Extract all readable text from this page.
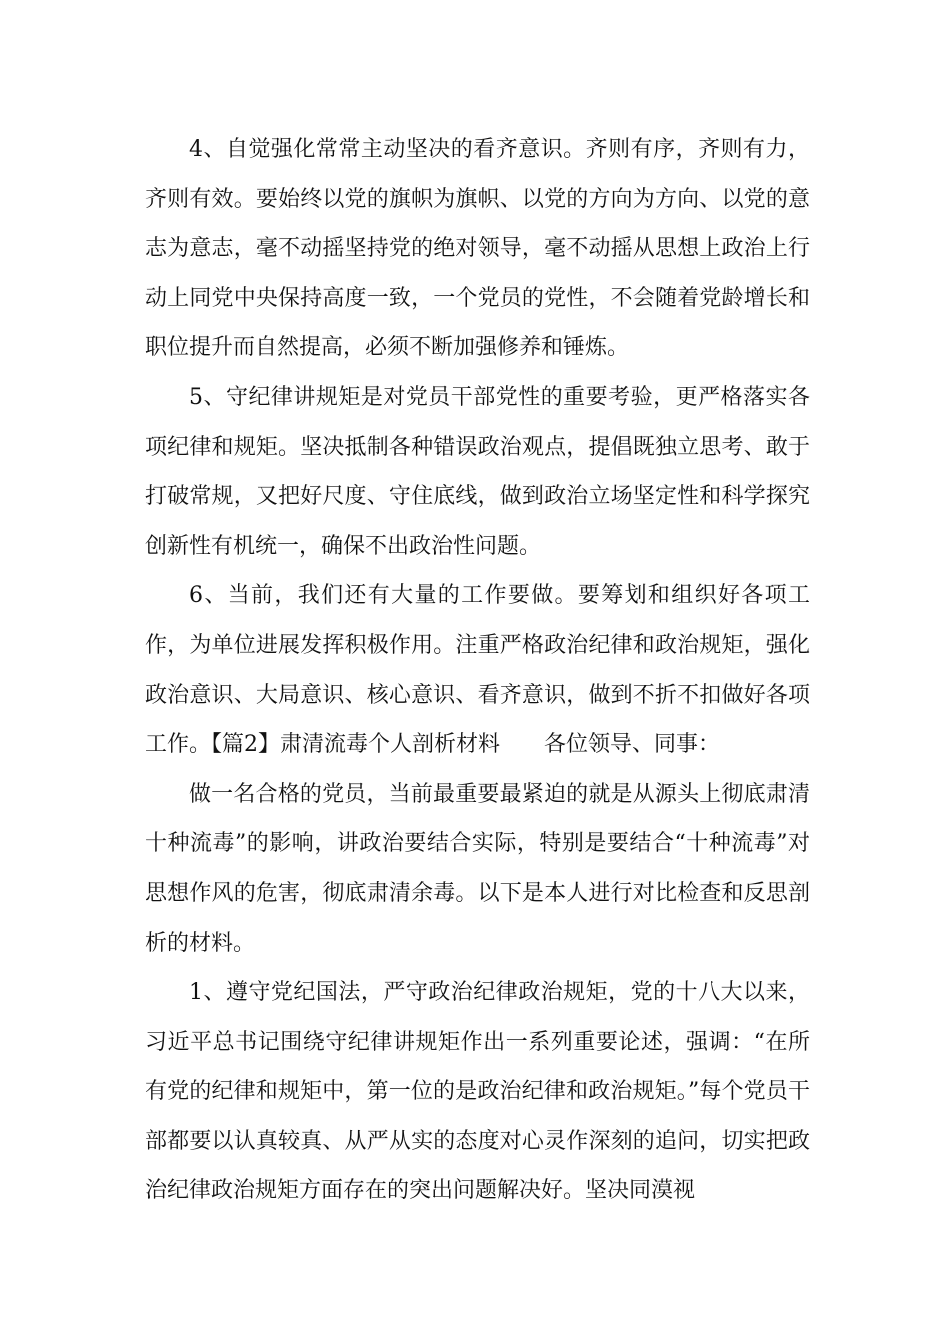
4、自觉强化常常主动坚决的看齐意识。齐则有序，齐则有力，齐则有效。要始终以党的旗帜为旗帜、以党的方向为方向、以党的意志为意志，毫不动摇坚持党的绝对领导，毫不动摇从思想上政治上行动上同党中央保持高度一致，一个党员的党性，不会随着党龄增长和职位提升而自然提高，必须不断加强修养和锤炼。

5、守纪律讲规矩是对党员干部党性的重要考验，更严格落实各项纪律和规矩。坚决抵制各种错误政治观点，提倡既独立思考、敢于打破常规，又把好尺度、守住底线，做到政治立场坚定性和科学探究创新性有机统一，确保不出政治性问题。

6、当前，我们还有大量的工作要做。要筹划和组织好各项工作，为单位进展发挥积极作用。注重严格政治纪律和政治规矩，强化政治意识、大局意识、核心意识、看齐意识，做到不折不扣做好各项工作。【篇2】肃清流毒个人剖析材料　　各位领导、同事：

做一名合格的党员，当前最重要最紧迫的就是从源头上彻底肃清十种流毒”的影响，讲政治要结合实际，特别是要结合“十种流毒”对思想作风的危害，彻底肃清余毒。以下是本人进行对比检查和反思剖析的材料。

1、遵守党纪国法，严守政治纪律政治规矩，党的十八大以来，习近平总书记围绕守纪律讲规矩作出一系列重要论述，强调：“在所有党的纪律和规矩中，第一位的是政治纪律和政治规矩。”每个党员干部都要以认真较真、从严从实的态度对心灵作深刻的追问，切实把政治纪律政治规矩方面存在的突出问题解决好。坚决同漠视
